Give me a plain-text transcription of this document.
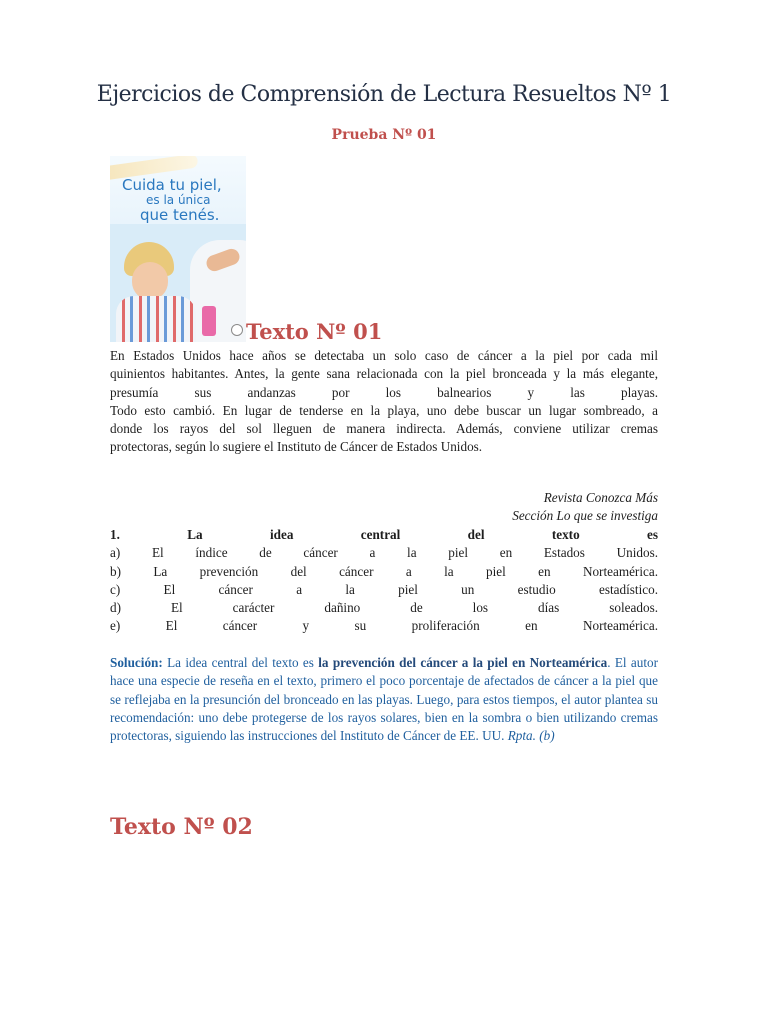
Ejercicios de Comprensión de Lectura Resueltos Nº 1
Prueba Nº 01
Cuida tu piel,
es la única
que tenés.
Texto Nº 01
En Estados Unidos hace años se detectaba un solo caso de cáncer a la piel por cada mil
quinientos habitantes. Antes, la gente sana relacionada con la piel bronceada y la más elegante,
presumía sus andanzas por los balnearios y las playas.
Todo esto cambió. En lugar de tenderse en la playa, uno debe buscar un lugar sombreado, a
donde los rayos del sol lleguen de manera indirecta. Además, conviene utilizar cremas
protectoras, según lo sugiere el Instituto de Cáncer de Estados Unidos.
Revista Conozca Más
Sección Lo que se investiga
1. La idea central del texto es
a) El índice de cáncer a la piel en Estados Unidos.
b) La prevención del cáncer a la piel en Norteamérica.
c) El cáncer a la piel un estudio estadístico.
d) El carácter dañino de los días soleados.
e) El cáncer y su proliferación en Norteamérica.
Solución: La idea central del texto es la prevención del cáncer a la piel en Norteamérica. El autor hace una especie de reseña en el texto, primero el poco porcentaje de afectados de cáncer a la piel que se reflejaba en la presunción del bronceado en las playas. Luego, para estos tiempos, el autor plantea su recomendación: uno debe protegerse de los rayos solares, bien en la sombra o bien utilizando cremas protectoras, siguiendo las instrucciones del Instituto de Cáncer de EE. UU. Rpta. (b)
Texto Nº 02
